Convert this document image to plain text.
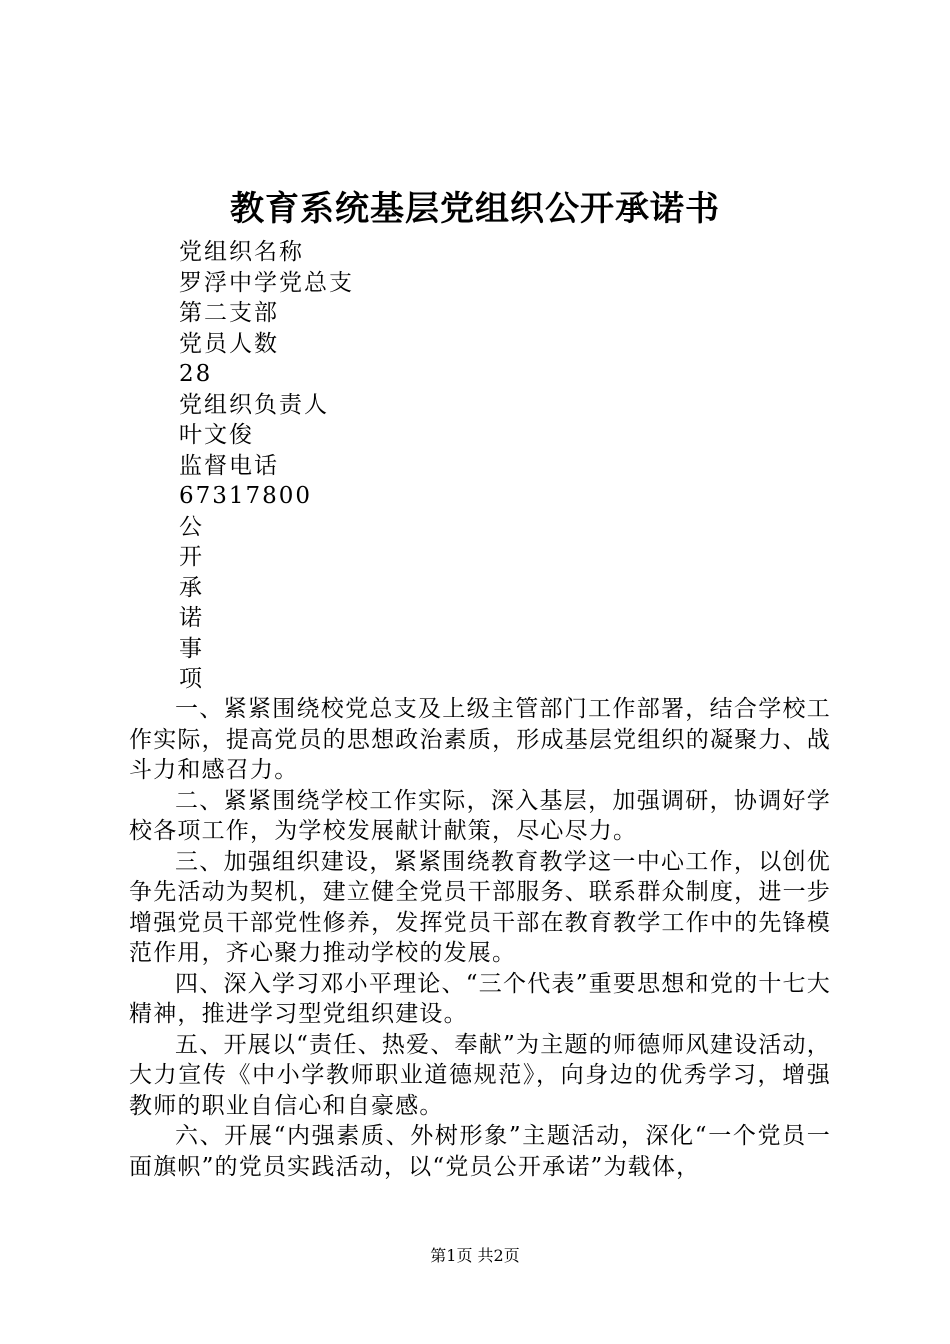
教育系统基层党组织公开承诺书
党组织名称
罗浮中学党总支
第二支部
党员人数
28
党组织负责人
叶文俊
监督电话
67317800
公
开
承
诺
事
项

一、紧紧围绕校党总支及上级主管部门工作部署，结合学校工作实际，提高党员的思想政治素质，形成基层党组织的凝聚力、战斗力和感召力。

二、紧紧围绕学校工作实际，深入基层，加强调研，协调好学校各项工作，为学校发展献计献策，尽心尽力。

三、加强组织建设，紧紧围绕教育教学这一中心工作，以创优争先活动为契机，建立健全党员干部服务、联系群众制度，进一步增强党员干部党性修养，发挥党员干部在教育教学工作中的先锋模范作用，齐心聚力推动学校的发展。

四、深入学习邓小平理论、“三个代表”重要思想和党的十七大精神，推进学习型党组织建设。

五、开展以“责任、热爱、奉献”为主题的师德师风建设活动，大力宣传《中小学教师职业道德规范》，向身边的优秀学习，增强教师的职业自信心和自豪感。

六、开展“内强素质、外树形象”主题活动，深化“一个党员一面旗帜”的党员实践活动，以“党员公开承诺”为载体，

第1页 共2页
